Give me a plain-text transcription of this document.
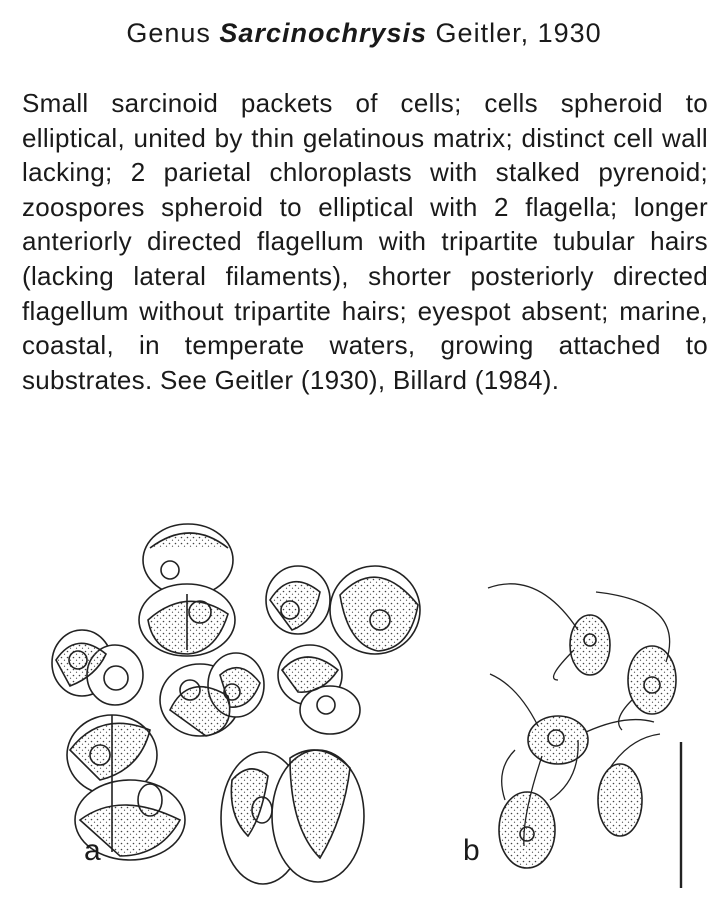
Genus Sarcinochrysis Geitler, 1930
Small sarcinoid packets of cells; cells spheroid to elliptical, united by thin gelatinous matrix; distinct cell wall lacking; 2 parietal chloroplasts with stalked pyrenoid; zoospores spheroid to elliptical with 2 flagella; longer anteriorly directed flagellum with tripartite tubular hairs (lacking lateral filaments), shorter posteriorly directed flagellum without tripartite hairs; eyespot absent; marine, coastal, in temperate waters, growing attached to substrates. See Geitler (1930), Billard (1984).
a	b
